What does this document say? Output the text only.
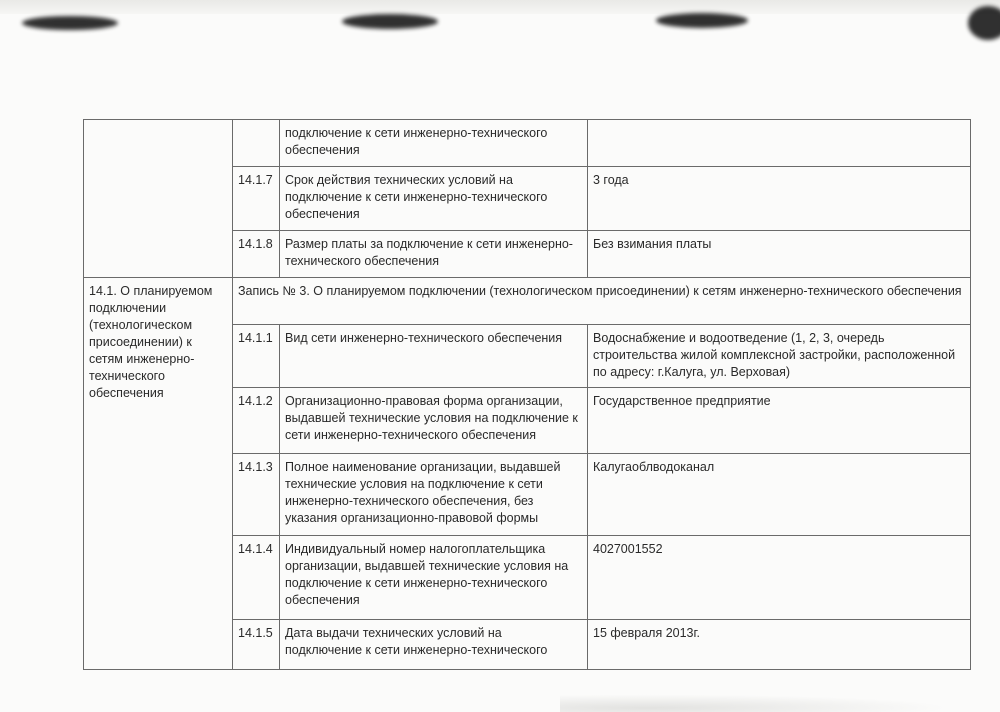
		подключение к сети инженерно-технического обеспечения	
	14.1.7	Срок действия технических условий на подключение к сети инженерно-технического обеспечения	3 года
	14.1.8	Размер платы за подключение к сети инженерно-технического обеспечения	Без взимания платы
14.1. О планируемом подключении (технологическом присоединении) к сетям инженерно-технического обеспечения	Запись № 3. О планируемом подключении (технологическом присоединении) к сетям инженерно-технического обеспечения		
	14.1.1	Вид сети инженерно-технического обеспечения	Водоснабжение и водоотведение (1, 2, 3, очередь строительства жилой комплексной застройки, расположенной по адресу: г.Калуга, ул. Верховая)
	14.1.2	Организационно-правовая форма организации, выдавшей технические условия на подключение к сети инженерно-технического обеспечения	Государственное предприятие
	14.1.3	Полное наименование организации, выдавшей технические условия на подключение к сети инженерно-технического обеспечения, без указания организационно-правовой формы	Калугаоблводоканал
	14.1.4	Индивидуальный номер налогоплательщика организации, выдавшей технические условия на подключение к сети инженерно-технического обеспечения	4027001552
	14.1.5	Дата выдачи технических условий на подключение к сети инженерно-технического	15 февраля 2013г.
